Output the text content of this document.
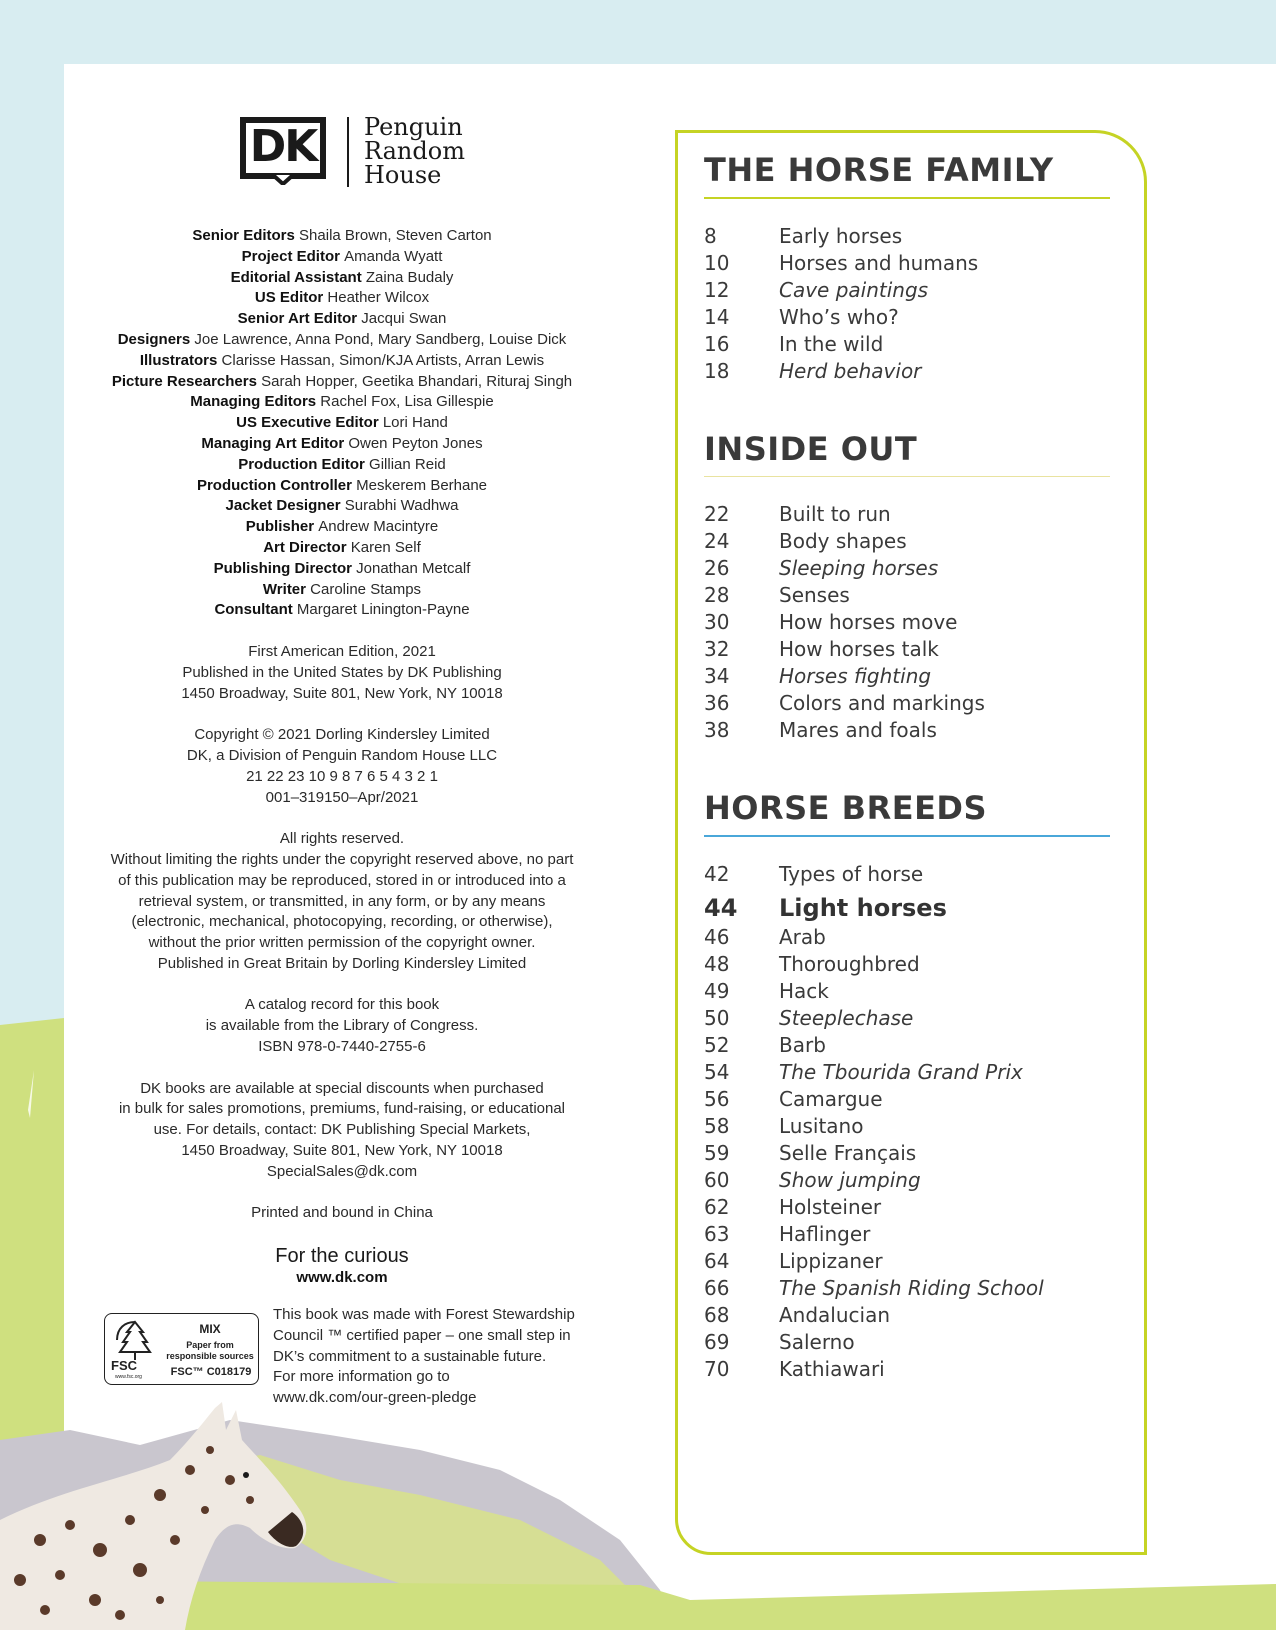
DK	Penguin
Random
House
Senior Editors Shaila Brown, Steven Carton
Project Editor Amanda Wyatt
Editorial Assistant Zaina Budaly
US Editor Heather Wilcox
Senior Art Editor Jacqui Swan
Designers Joe Lawrence, Anna Pond, Mary Sandberg, Louise Dick
Illustrators Clarisse Hassan, Simon/KJA Artists, Arran Lewis
Picture Researchers Sarah Hopper, Geetika Bhandari, Rituraj Singh
Managing Editors Rachel Fox, Lisa Gillespie
US Executive Editor Lori Hand
Managing Art Editor Owen Peyton Jones
Production Editor Gillian Reid
Production Controller Meskerem Berhane
Jacket Designer Surabhi Wadhwa
Publisher Andrew Macintyre
Art Director Karen Self
Publishing Director Jonathan Metcalf
Writer Caroline Stamps
Consultant Margaret Linington-Payne
First American Edition, 2021
Published in the United States by DK Publishing
1450 Broadway, Suite 801, New York, NY 10018
Copyright © 2021 Dorling Kindersley Limited
DK, a Division of Penguin Random House LLC
21 22 23 10 9 8 7 6 5 4 3 2 1
001–319150–Apr/2021
All rights reserved.
Without limiting the rights under the copyright reserved above, no part
of this publication may be reproduced, stored in or introduced into a
retrieval system, or transmitted, in any form, or by any means
(electronic, mechanical, photocopying, recording, or otherwise),
without the prior written permission of the copyright owner.
Published in Great Britain by Dorling Kindersley Limited
A catalog record for this book
is available from the Library of Congress.
ISBN 978-0-7440-2755-6
DK books are available at special discounts when purchased
in bulk for sales promotions, premiums, fund-raising, or educational
use. For details, contact: DK Publishing Special Markets,
1450 Broadway, Suite 801, New York, NY 10018
SpecialSales@dk.com
Printed and bound in China
For the curious
www.dk.com
FSC
www.fsc.org
MIX
Paper from
responsible sources
FSC™ C018179
This book was made with Forest Stewardship
Council ™ certified paper – one small step in
DK’s commitment to a sustainable future.
For more information go to
www.dk.com/our-green-pledge
THE HORSE FAMILY
8	Early horses
10	Horses and humans
12	Cave paintings
14	Who’s who?
16	In the wild
18	Herd behavior
INSIDE OUT
22	Built to run
24	Body shapes
26	Sleeping horses
28	Senses
30	How horses move
32	How horses talk
34	Horses fighting
36	Colors and markings
38	Mares and foals
HORSE BREEDS
42	Types of horse
44	Light horses
46	Arab
48	Thoroughbred
49	Hack
50	Steeplechase
52	Barb
54	The Tbourida Grand Prix
56	Camargue
58	Lusitano
59	Selle Français
60	Show jumping
62	Holsteiner
63	Haflinger
64	Lippizaner
66	The Spanish Riding School
68	Andalucian
69	Salerno
70	Kathiawari
